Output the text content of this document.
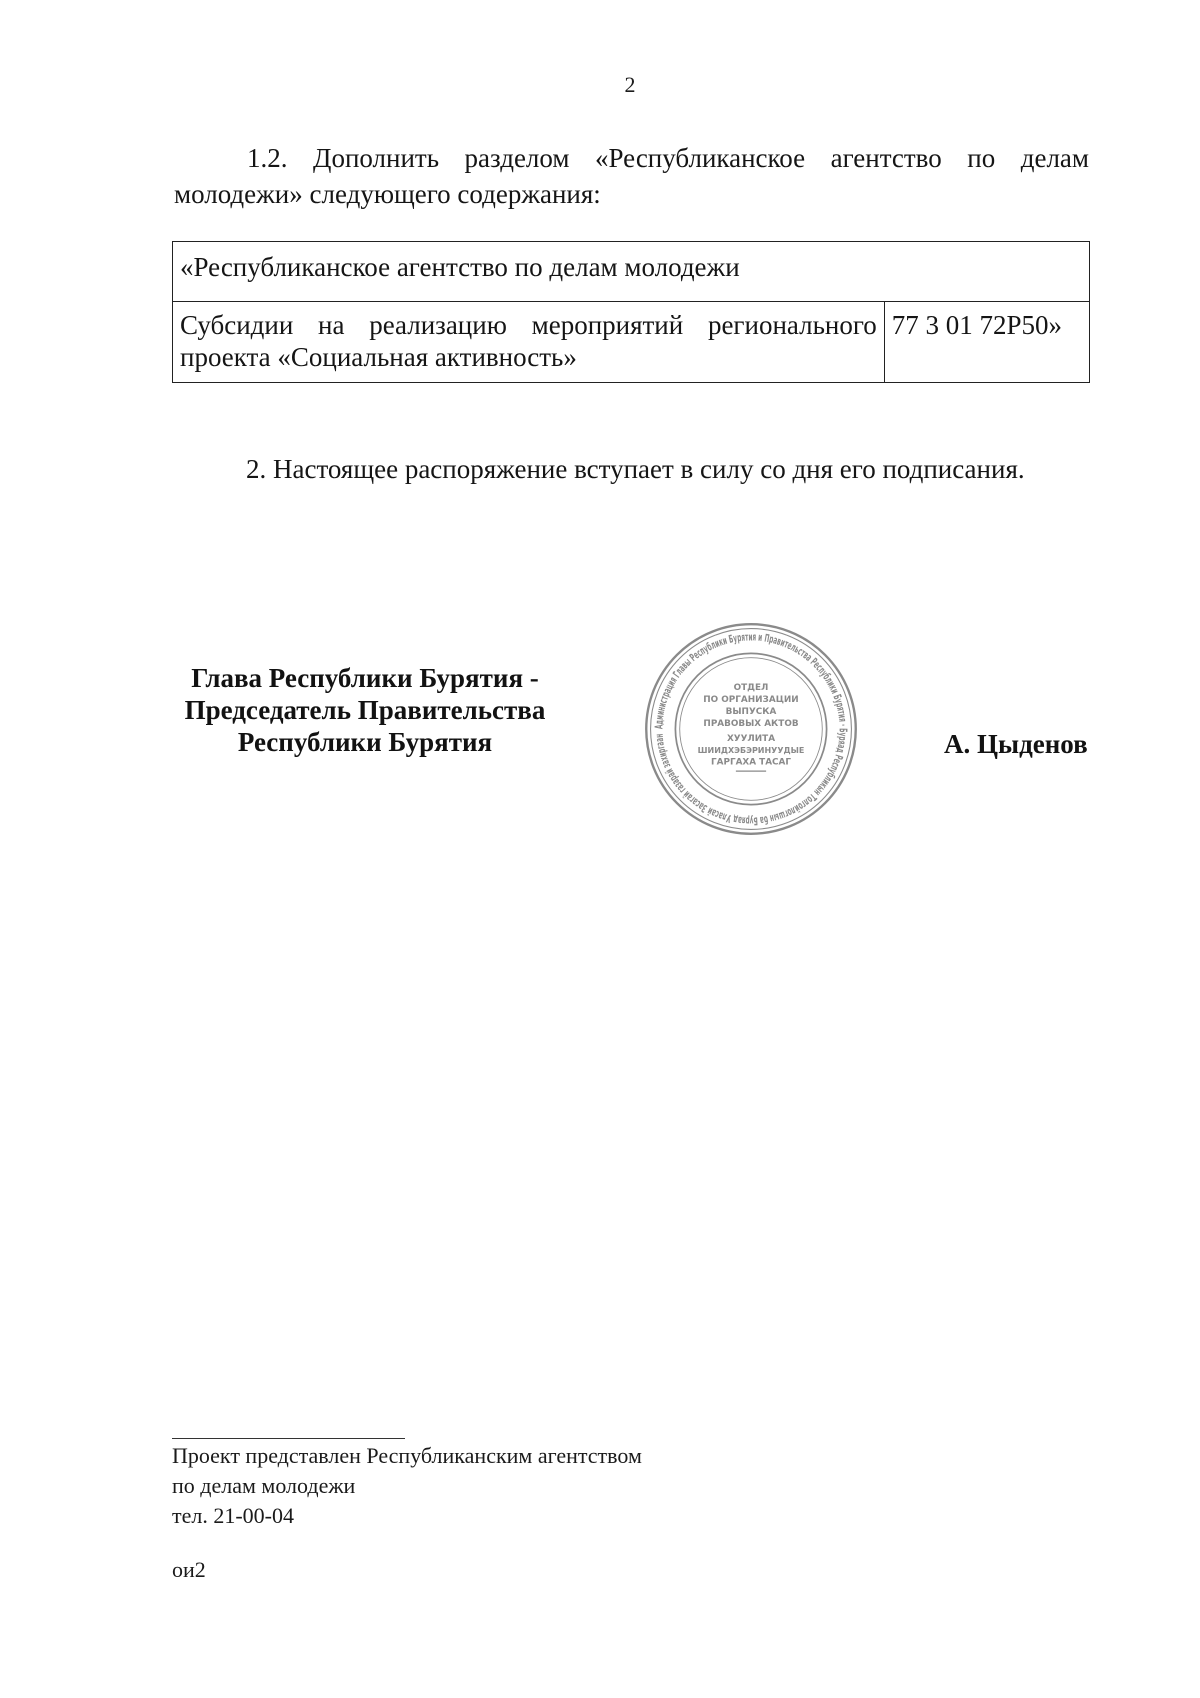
2

1.2. Дополнить разделом «Республиканское агентство по делам молодежи» следующего содержания:

«Республиканское агентство по делам молодежи
Субсидии на реализацию мероприятий регионального проекта «Социальная активность»	77 3 01 72Р50»

2. Настоящее распоряжение вступает в силу со дня его подписания.

Глава Республики Бурятия -
Председатель Правительства
Республики Бурятия
Администрация Главы Республики Бурятия и Правительства Республики Бурятия · Буряад Республикын Толгойлогшын ба Буряад Уласай Засагай газарай захиргаан
ОТДЕЛ
ПО ОРГАНИЗАЦИИ
ВЫПУСКА
ПРАВОВЫХ АКТОВ
ХУУЛИТА
ШИИДХЭБЭРИНУУДЫЕ
ГАРГАХА ТАСАГ
А. Цыденов
Проект представлен Республиканским агентством
по делам молодежи
тел. 21-00-04
ои2
